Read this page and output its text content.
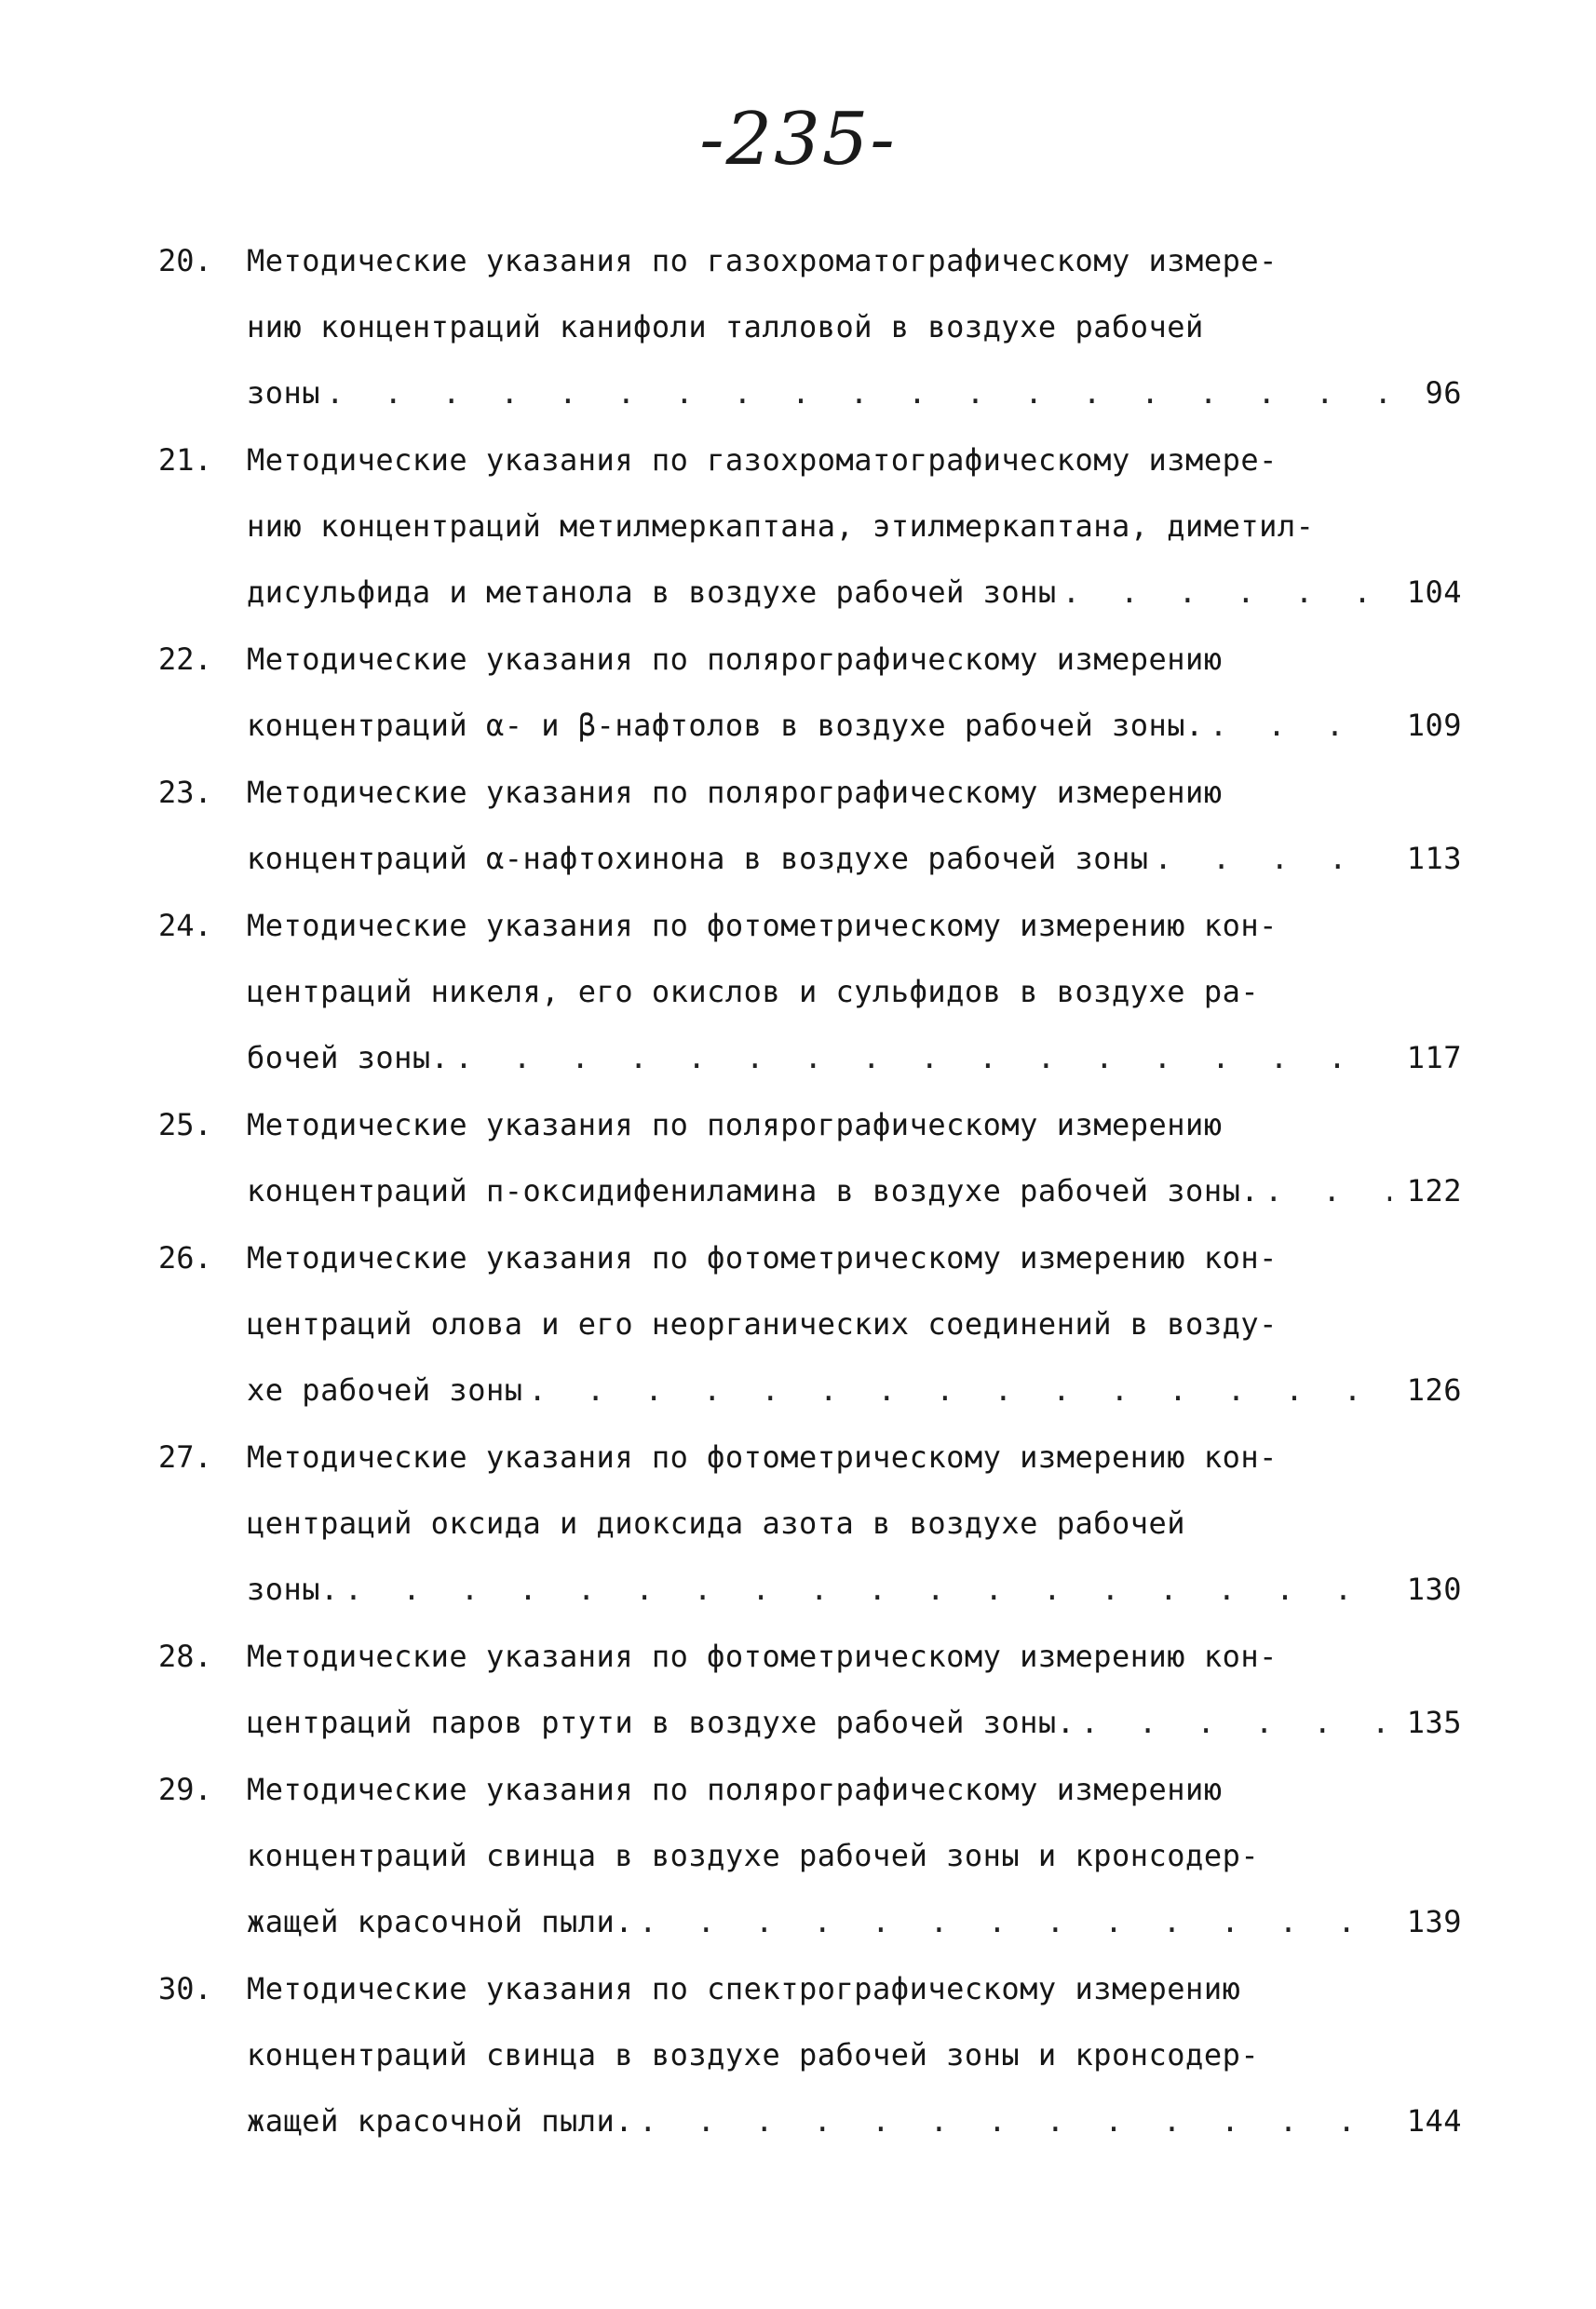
-235-
20. Методические указания по газохроматографическому измере-
нию концентраций канифоли талловой в воздухе рабочей
зоны . . .	96
21. Методические указания по газохроматографическому измере-
нию концентраций метилмеркаптана, этилмеркаптана, диметил-
дисульфида и метанола в воздухе рабочей зоны . . .	104
22. Методические указания по полярографическому измерению
концентраций α- и β-нафтолов в воздухе рабочей зоны. . . .	109
23. Методические указания по полярографическому измерению
концентраций α-нафтохинона в воздухе рабочей зоны . . .	113
24. Методические указания по фотометрическому измерению кон-
центраций никеля, его окислов и сульфидов в воздухе ра-
бочей зоны. . . .	117
25. Методические указания по полярографическому измерению
концентраций п-оксидифениламина в воздухе рабочей зоны. . . .	122
26. Методические указания по фотометрическому измерению кон-
центраций олова и его неорганических соединений в возду-
хе рабочей зоны . . .	126
27. Методические указания по фотометрическому измерению кон-
центраций оксида и диоксида азота в воздухе рабочей
зоны. . . .	130
28. Методические указания по фотометрическому измерению кон-
центраций паров ртути в воздухе рабочей зоны. . . .	135
29. Методические указания по полярографическому измерению
концентраций свинца в воздухе рабочей зоны и кронсодер-
жащей красочной пыли. . . .	139
30. Методические указания по спектрографическому измерению
концентраций свинца в воздухе рабочей зоны и кронсодер-
жащей красочной пыли. . . .	144
